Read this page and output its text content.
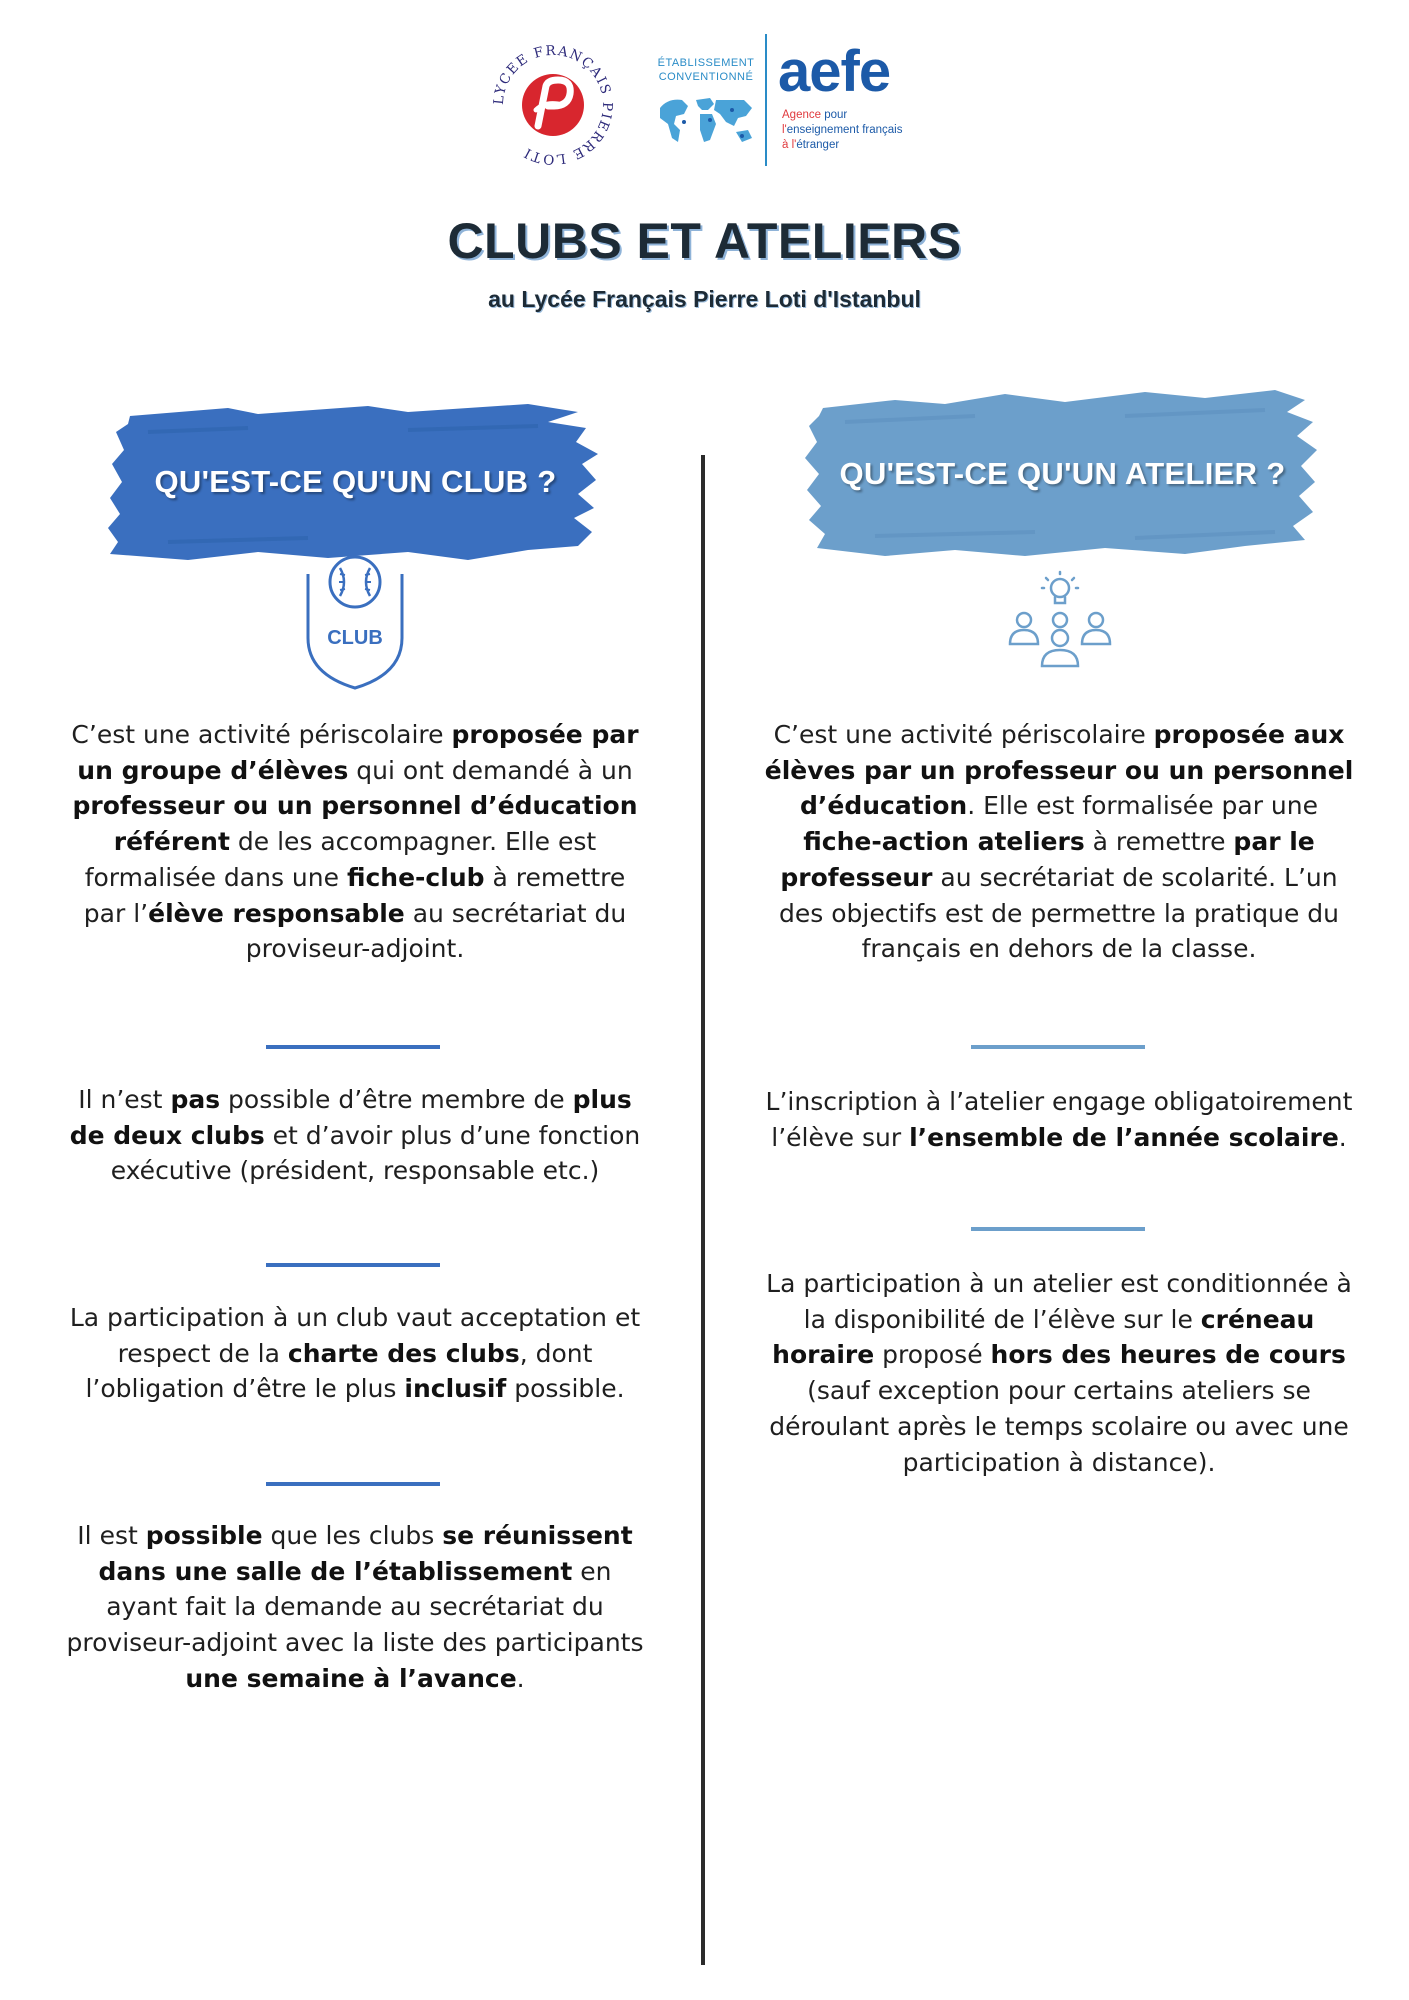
LYCEE FRANÇAIS PIERRE LOTI
ÉTABLISSEMENT
CONVENTIONNÉ aefe
Agence pour
l'enseignement français
à l'étranger
CLUBS ET ATELIERS
au Lycée Français Pierre Loti d'Istanbul
QU'EST-CE QU'UN CLUB ?	QU'EST-CE QU'UN ATELIER ?
CLUB
C’est une activité périscolaire proposée par un groupe d’élèves qui ont demandé à un professeur ou un personnel d’éducation référent de les accompagner. Elle est formalisée dans une fiche-club à remettre par l’élève responsable au secrétariat du proviseur-adjoint.
Il n’est pas possible d’être membre de plus de deux clubs et d’avoir plus d’une fonction exécutive (président, responsable etc.)
La participation à un club vaut acceptation et respect de la charte des clubs, dont l’obligation d’être le plus inclusif possible.
Il est possible que les clubs se réunissent dans une salle de l’établissement en ayant fait la demande au secrétariat du proviseur-adjoint avec la liste des participants une semaine à l’avance.
C’est une activité périscolaire proposée aux élèves par un professeur ou un personnel d’éducation. Elle est formalisée par une fiche-action ateliers à remettre par le professeur au secrétariat de scolarité. L’un des objectifs est de permettre la pratique du français en dehors de la classe.
L’inscription à l’atelier engage obligatoirement l’élève sur l’ensemble de l’année scolaire.
La participation à un atelier est conditionnée à la disponibilité de l’élève sur le créneau horaire proposé hors des heures de cours (sauf exception pour certains ateliers se déroulant après le temps scolaire ou avec une participation à distance).
